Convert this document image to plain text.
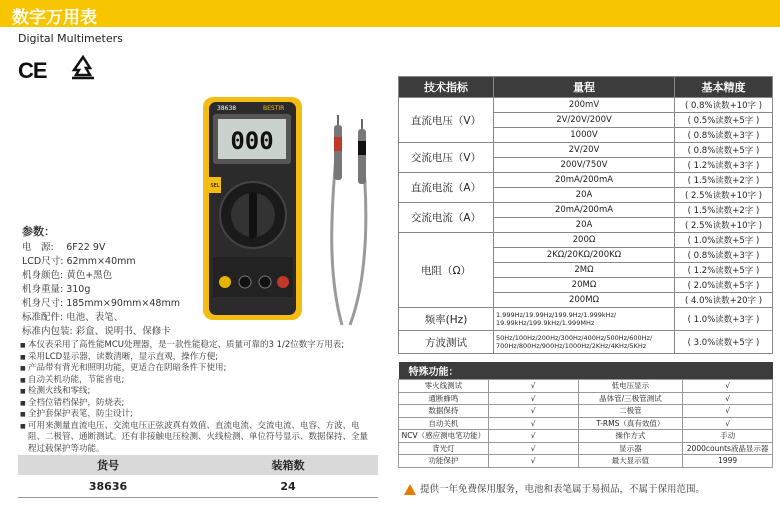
数字万用表
Digital Multimeters
CE
000
38638	BESTIR
SEL
参数：
电　源:　 6F22 9V
LCD尺寸: 62mm×40mm
机身颜色: 黄色+黑色
机身重量: 310g
机身尺寸: 185mm×90mm×48mm
标准配件: 电池、表笔、
标准内包装: 彩盒、说明书、保修卡
■ 本仪表采用了高性能MCU处理器，是一款性能稳定、质量可靠的3 1/2位数字万用表;
■ 采用LCD显示器，读数清晰，显示直观，操作方便;
■ 产品带有背光和照明功能，更适合在阴暗条件下使用;
■ 自动关机功能，节能省电;
■ 检测火线和零线;
■ 全档位错档保护，防烧表;
■ 全护套保护表笔，防尘设计;
■ 可用来测量直流电压、交流电压正弦波真有效值、直流电流、交流电流、电容、方波、电阻、二极管、通断测试。还有非接触电压检测、火线检测、单位符号显示、数据保持、全量程过载保护等功能。
货号	装箱数
38636	24
技术指标	量程	基本精度
直流电压（V）	200mV	( 0.8%读数+10字 )
	2V/20V/200V	( 0.5%读数+5字 )
	1000V	( 0.8%读数+3字 )
交流电压（V）	2V/20V	( 0.8%读数+5字 )
	200V/750V	( 1.2%读数+3字 )
直流电流（A）	20mA/200mA	( 1.5%读数+2字 )
	20A	( 2.5%读数+10字 )
交流电流（A）	20mA/200mA	( 1.5%读数+2字 )
	20A	( 2.5%读数+10字 )
电阻（Ω）	200Ω	( 1.0%读数+5字 )
	2KΩ/20KΩ/200KΩ	( 0.8%读数+3字 )
	2MΩ	( 1.2%读数+5字 )
	20MΩ	( 2.0%读数+5字 )
	200MΩ	( 4.0%读数+20字 )
频率(Hz)	1.999Hz/19.99Hz/199.9Hz/1.999kHz/ 19.99kHz/199.9kHz/1.999MHz	( 1.0%读数+3字 )
方波测试	50Hz/100Hz/200Hz/300Hz/400Hz/500Hz/600Hz/ 700Hz/800Hz/900Hz/1000Hz/2KHz/4KHz/5KHz	( 3.0%读数+5字 )
特殊功能：			
零火线测试	√	低电压显示	√
通断蜂鸣	√	晶体管/三极管测试	√
数据保持	√	二极管	√
自动关机	√	T-RMS（真有效值）	√
NCV（感应测电笔功能）	√	操作方式	手动
背光灯	√	显示器	2000counts液晶显示器
功能保护	√	最大显示值	1999
提供一年免费保用服务，电池和表笔属于易损品，不属于保用范围。
